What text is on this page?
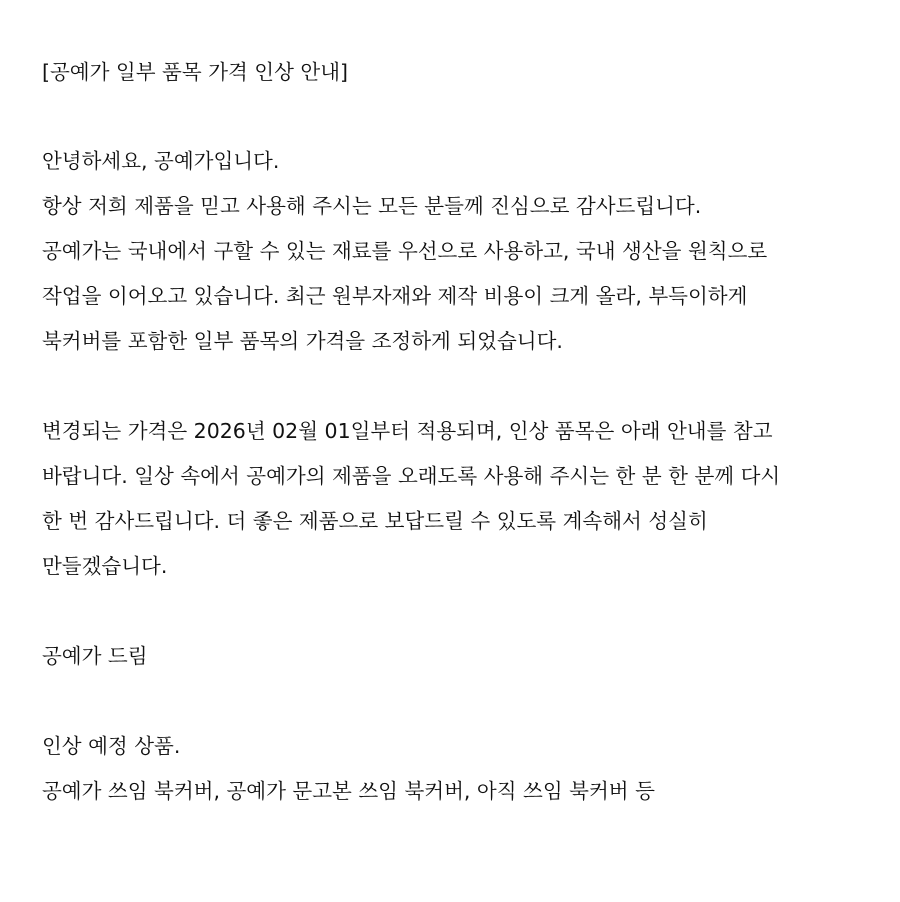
[공예가 일부 품목 가격 인상 안내]
안녕하세요, 공예가입니다.
항상 저희 제품을 믿고 사용해 주시는 모든 분들께 진심으로 감사드립니다.
공예가는 국내에서 구할 수 있는 재료를 우선으로 사용하고, 국내 생산을 원칙으로
작업을 이어오고 있습니다. 최근 원부자재와 제작 비용이 크게 올라, 부득이하게
북커버를 포함한 일부 품목의 가격을 조정하게 되었습니다.
변경되는 가격은 2026년 02월 01일부터 적용되며, 인상 품목은 아래 안내를 참고
바랍니다. 일상 속에서 공예가의 제품을 오래도록 사용해 주시는 한 분 한 분께 다시
한 번 감사드립니다. 더 좋은 제품으로 보답드릴 수 있도록 계속해서 성실히
만들겠습니다.
공예가 드림
인상 예정 상품.
공예가 쓰임 북커버, 공예가 문고본 쓰임 북커버, 아직 쓰임 북커버 등
